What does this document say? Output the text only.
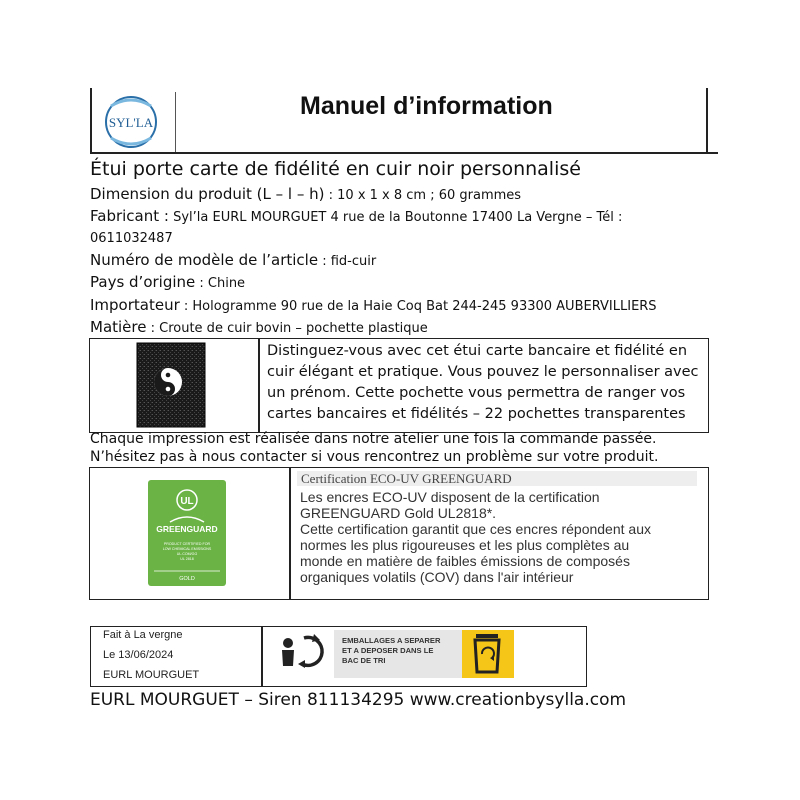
SYL'LA
Manuel d’information
Étui porte carte de fidélité en cuir noir personnalisé
Dimension du produit (L – l – h) : 10 x 1 x 8 cm ; 60 grammes
Fabricant : Syl’la EURL MOURGUET 4 rue de la Boutonne 17400 La Vergne – Tél :
0611032487
Numéro de modèle de l’article : fid-cuir
Pays d’origine : Chine
Importateur : Hologramme 90 rue de la Haie Coq Bat 244-245 93300 AUBERVILLIERS
Matière : Croute de cuir bovin – pochette plastique
Distinguez-vous avec cet étui carte bancaire et fidélité en
cuir élégant et pratique. Vous pouvez le personnaliser avec
un prénom. Cette pochette vous permettra de ranger vos
cartes bancaires et fidélités – 22 pochettes transparentes
Chaque impression est réalisée dans notre atelier une fois la commande passée.
N’hésitez pas à nous contacter si vous rencontrez un problème sur votre produit.
UL
GREENGUARD
PRODUCT CERTIFIED FOR
LOW CHEMICAL EMISSIONS
UL.COM/GG
UL 2818
GOLD
Certification ECO-UV GREENGUARD
Les encres ECO-UV disposent de la certification
GREENGUARD Gold UL2818*.
Cette certification garantit que ces encres répondent aux
normes les plus rigoureuses et les plus complètes au
monde en matière de faibles émissions de composés
organiques volatils (COV) dans l'air intérieur
Fait à La vergne
Le 13/06/2024
EURL MOURGUET
EMBALLAGES A SEPARER
ET A DEPOSER DANS LE
BAC DE TRI
EURL MOURGUET – Siren 811134295 www.creationbysylla.com
